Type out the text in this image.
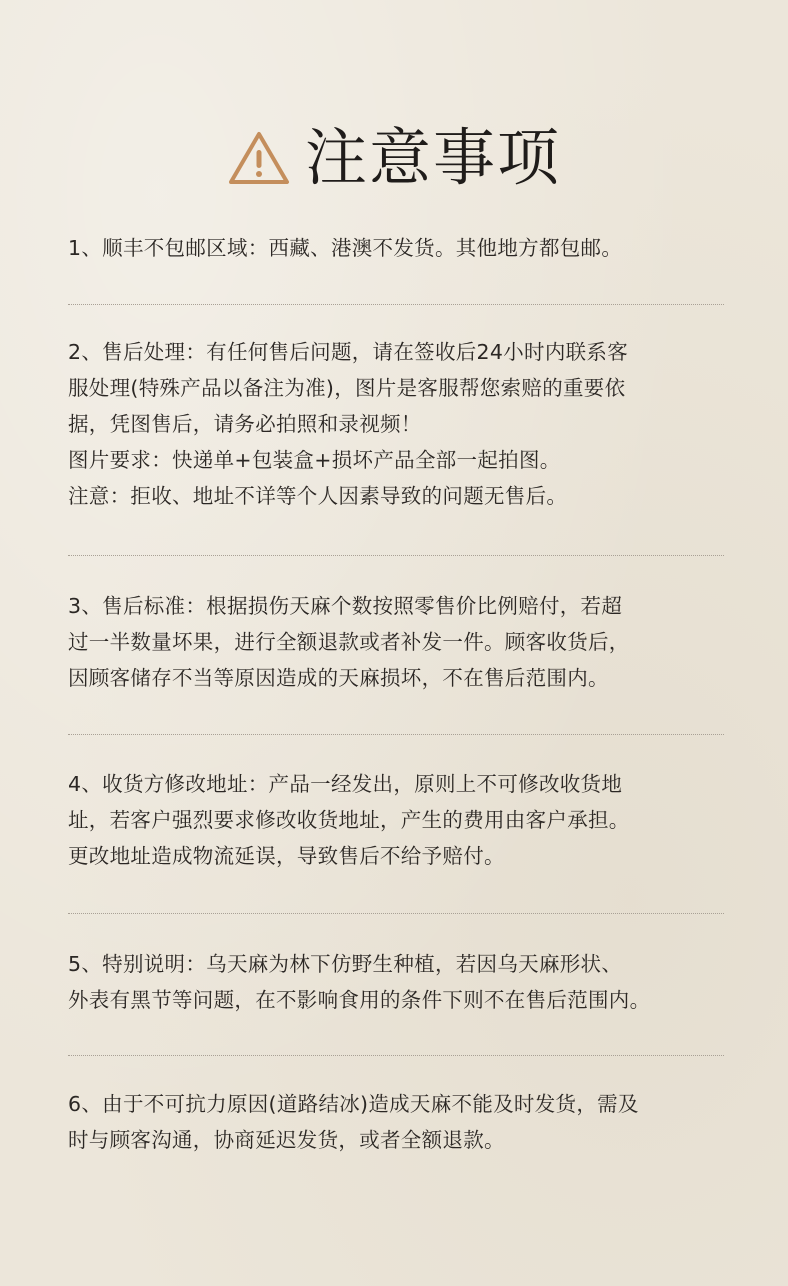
注意事项
1、顺丰不包邮区域：西藏、港澳不发货。其他地方都包邮。
2、售后处理：有任何售后问题，请在签收后24小时内联系客
服处理(特殊产品以备注为准)，图片是客服帮您索赔的重要依
据，凭图售后，请务必拍照和录视频！
图片要求：快递单+包装盒+损坏产品全部一起拍图。
注意：拒收、地址不详等个人因素导致的问题无售后。
3、售后标准：根据损伤天麻个数按照零售价比例赔付，若超
过一半数量坏果，进行全额退款或者补发一件。顾客收货后，
因顾客储存不当等原因造成的天麻损坏，不在售后范围内。
4、收货方修改地址：产品一经发出，原则上不可修改收货地
址，若客户强烈要求修改收货地址，产生的费用由客户承担。
更改地址造成物流延误，导致售后不给予赔付。
5、特别说明：乌天麻为林下仿野生种植，若因乌天麻形状、
外表有黑节等问题，在不影响食用的条件下则不在售后范围内。
6、由于不可抗力原因(道路结冰)造成天麻不能及时发货，需及
时与顾客沟通，协商延迟发货，或者全额退款。
